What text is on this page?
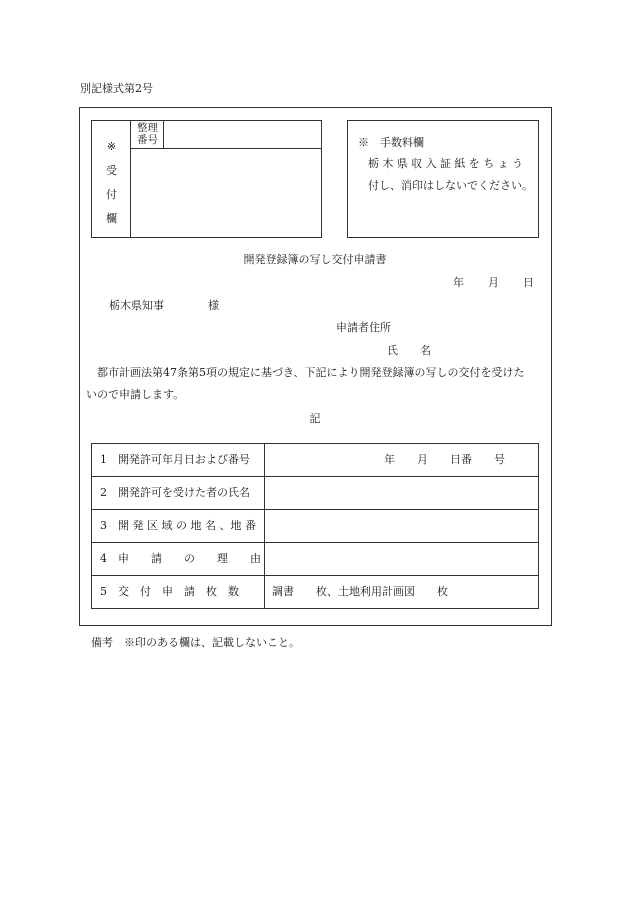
別記様式第2号
※
受
付
欄
整理
番号	※　手数料欄
栃木県収入証紙をちょう
付し、消印はしないでください。
開発登録簿の写し交付申請書
年 月 日
栃木県知事　　　　様
申請者住所
氏　　名
都市計画法第47条第5項の規定に基づき、下記により開発登録簿の写しの交付を受けた
いので申請します。
記
1　開発許可年月日および番号	年　　月　　日番　　号
2　開発許可を受けた者の氏名	
3　開 発 区 域 の 地 名 、地 番	
4　申　　請　　の　　理　　由	
5　交　付　申　請　枚　数	調書　　枚、土地利用計画図　　枚
備考　※印のある欄は、記載しないこと。
